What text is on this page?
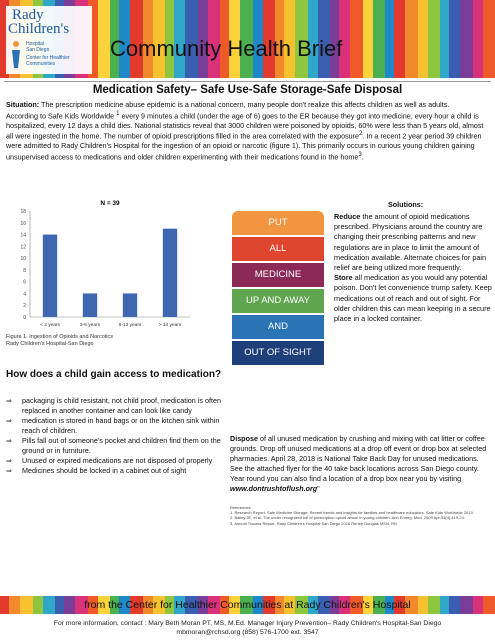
Rady
Children's
Hospital
San Diego
Center for Healthier
Communities
Community Health Brief
Medication Safety– Safe Use-Safe Storage-Safe Disposal

Situation: The prescription medicine abuse epidemic is a national concern, many people don't realize this affects children as well as adults.

According to Safe Kids Worldwide $^1$ every 9 minutes a child (under the age of 6) goes to the ER because they got into medicine, every hour a child is hospitalized, every 12 days a child dies. National statistics reveal that 3000 children were poisoned by opioids, 60% were less than 5 years old, almost all were ingested in the home. The number of opioid prescriptions filled in the area correlated with the exposure$^2$. In a recent 2 year period 39 children were admitted to Rady Children's Hospital for the ingestion of an opioid or narcotic (figure 1). This primarily occurs in curious young children gaining unsupervised access to medications and older children experimenting with their medications found in the home$^3$.

N = 39
0
2
4
6
8
10
12
14
16
18
< 2 years	3-5 years	6-13 years	> 14 years
Figure 1. Ingestion of Opioids and Narcotics
Rady Children's Hospital-San Diego
PUT
ALL
MEDICINE
UP AND AWAY
AND
OUT OF SIGHT
Solutions:
Reduce the amount of opioid medications prescribed. Physicians around the country are changing their prescribing patterns and new regulations are in place to limit the amount of medication available. Alternate choices for pain relief are being utilized more frequently.
Store all medication as you would any potential poison. Don't let convenience trump safety. Keep medications out of reach and out of sight. For older children this can mean keeping in a secure place in a locked container.
How does a child gain access to medication?
⇒ packaging is child resistant, not child proof, medication is often replaced in another container and can look like candy
⇒ medication is stored in hand bags or on the kitchen sink within reach of children.
⇒ Pills fall out of someone's pocket and children find them on the ground or in furniture.
⇒ Unused or expired medications are not disposed of properly
⇒ Medicines should be locked in a cabinet out of sight
Dispose of all unused medication by crushing and mixing with cat litter or coffee grounds. Drop off unused medications at a drop off event or drop box at selected pharmacies. April 28, 2018 is National Take Back Day for unused medications. See the attached flyer for the 40 take back locations across San Diego county. Year round you can also find a location of a drop box near you by visiting www.dontrushtoflush.org"
References:
1. Research Report: Safe Medicine Storage: Recent trends and insights for families and healthcare educators. Safe Kids Worldwide 2013.
2. Bailey JE, et al. The under recognized toll of prescription opioid abuse in young children. Ann Emerg. Med. 2009 Apr;53(4):419-24.
3. Annual Trauma Report, Rady Children's Hospital San Diego 2016 Renee Douglas MSN, RN
from the Center for Healthier Communities at Rady Children's Hospital
For more information, contact : Mary Beth Moran PT, MS, M.Ed. Manager Injury Prevention– Rady Children's Hospital-San Diego
mbmoran@rchsd.org (858) 576-1700 ext. 3547
